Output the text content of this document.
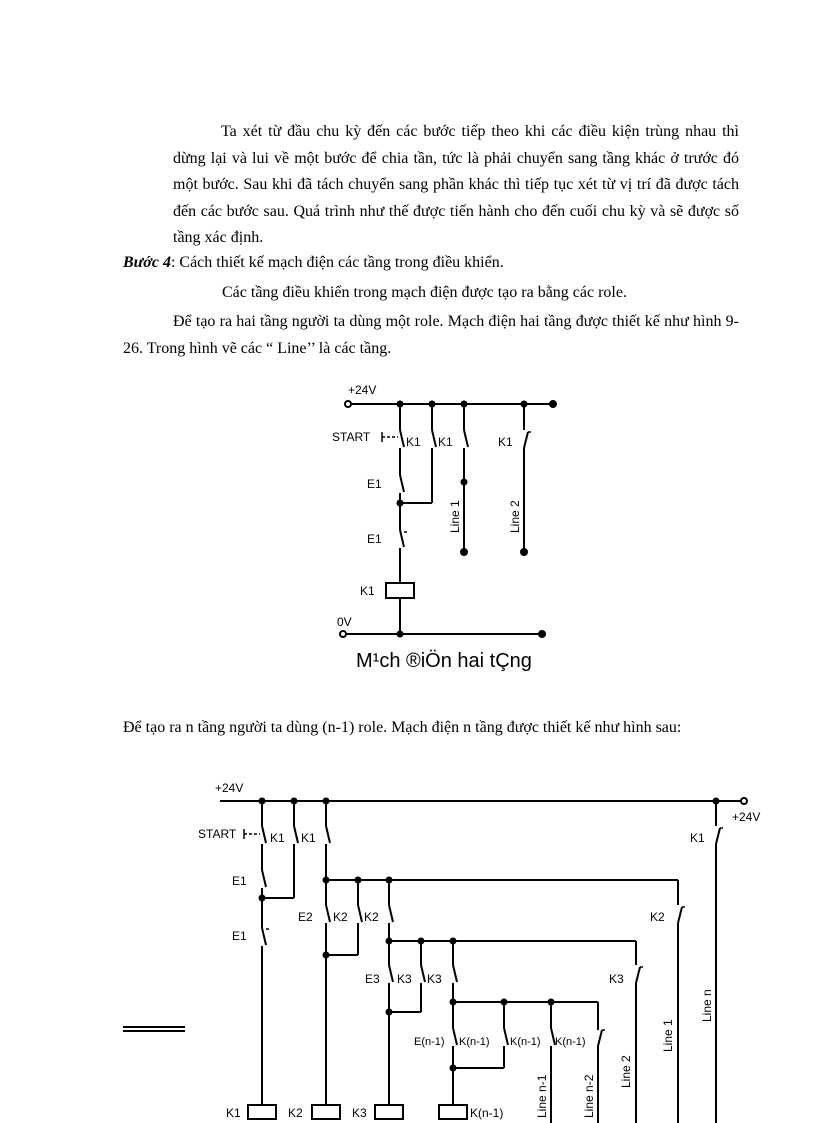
Ta xét từ đầu chu kỳ đến các bước tiếp theo khi các điều kiện trùng nhau thì dừng lại và lui về một bước để chia tần, tức là phải chuyển sang tầng khác ở trước đó một bước. Sau khi đã tách chuyển sang phần khác thì tiếp tục xét từ vị trí đã được tách đến các bước sau. Quá trình như thế được tiến hành cho đến cuối chu kỳ và sẽ được số tầng xác định.

Bước 4: Cách thiết kế mạch điện các tầng trong điều khiển.

Các tầng điều khiển trong mạch điện được tạo ra bằng các role.

Để tạo ra hai tầng người ta dùng một role. Mạch điện hai tầng được thiết kế như hình 9- 26. Trong hình vẽ các “ Line’’ là các tầng.

+24V
START	K1 K1	K1
E1
E1
K1
0V
Line 1	Line 2
M¹ch ®iÖn hai tÇng

Để tạo ra n tầng người ta dùng (n-1) role. Mạch điện n tầng được thiết kế như hình sau:

+24V
+24V
START	K1 K1	K1
E1
E1
E2 K2 K2	K2
E3 K3 K3	K3
E(n-1) K(n-1) K(n-1) K(n-1)
K1	K2	K3	K(n-1)	Line n-1	Line n-2
Line 2
Line 1
Line n
